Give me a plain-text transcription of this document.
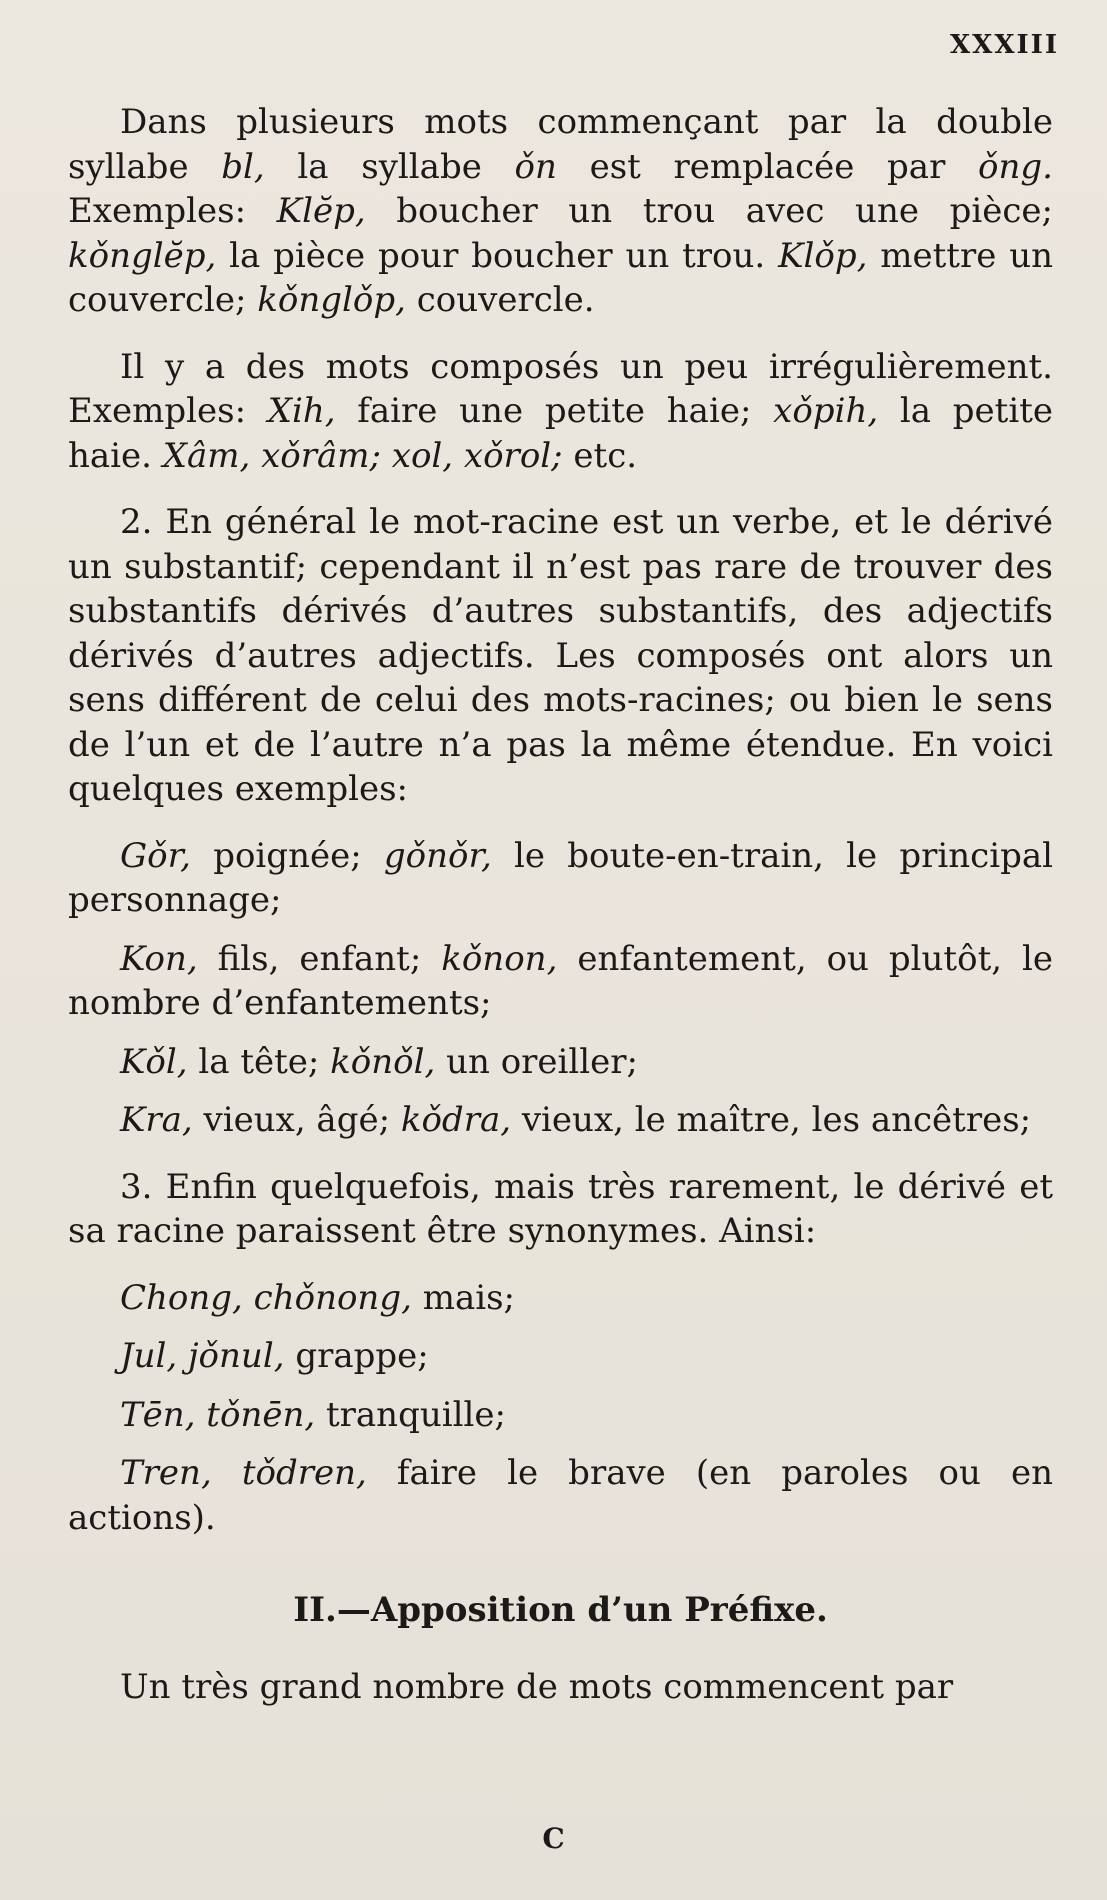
XXXIII

Dans plusieurs mots commençant par la double syllabe bl, la syllabe ǒn est remplacée par ǒng. Exemples: Klĕp, boucher un trou avec une pièce; kǒnglĕp, la pièce pour boucher un trou. Klǒp, mettre un couvercle; kǒnglǒp, couvercle.

Il y a des mots composés un peu irrégulièrement. Exemples: Xih, faire une petite haie; xǒpih, la petite haie. Xâm, xǒrâm; xol, xǒrol; etc.

2. En général le mot-racine est un verbe, et le dérivé un substantif; cependant il n’est pas rare de trouver des substantifs dérivés d’autres substantifs, des adjectifs dérivés d’autres adjectifs. Les composés ont alors un sens différent de celui des mots-racines; ou bien le sens de l’un et de l’autre n’a pas la même étendue. En voici quelques exemples:

Gǒr, poignée; gǒnǒr, le boute-en-train, le principal personnage;

Kon, fils, enfant; kǒnon, enfantement, ou plutôt, le nombre d’enfantements;

Kǒl, la tête; kǒnǒl, un oreiller;

Kra, vieux, âgé; kǒdra, vieux, le maître, les ancêtres;

3. Enfin quelquefois, mais très rarement, le dérivé et sa racine paraissent être synonymes. Ainsi:

Chong, chǒnong, mais;

Jul, jǒnul, grappe;

Tēn, tǒnēn, tranquille;

Tren, tǒdren, faire le brave (en paroles ou en actions).

II.—Apposition d’un Préfixe.

Un très grand nombre de mots commencent par

C
